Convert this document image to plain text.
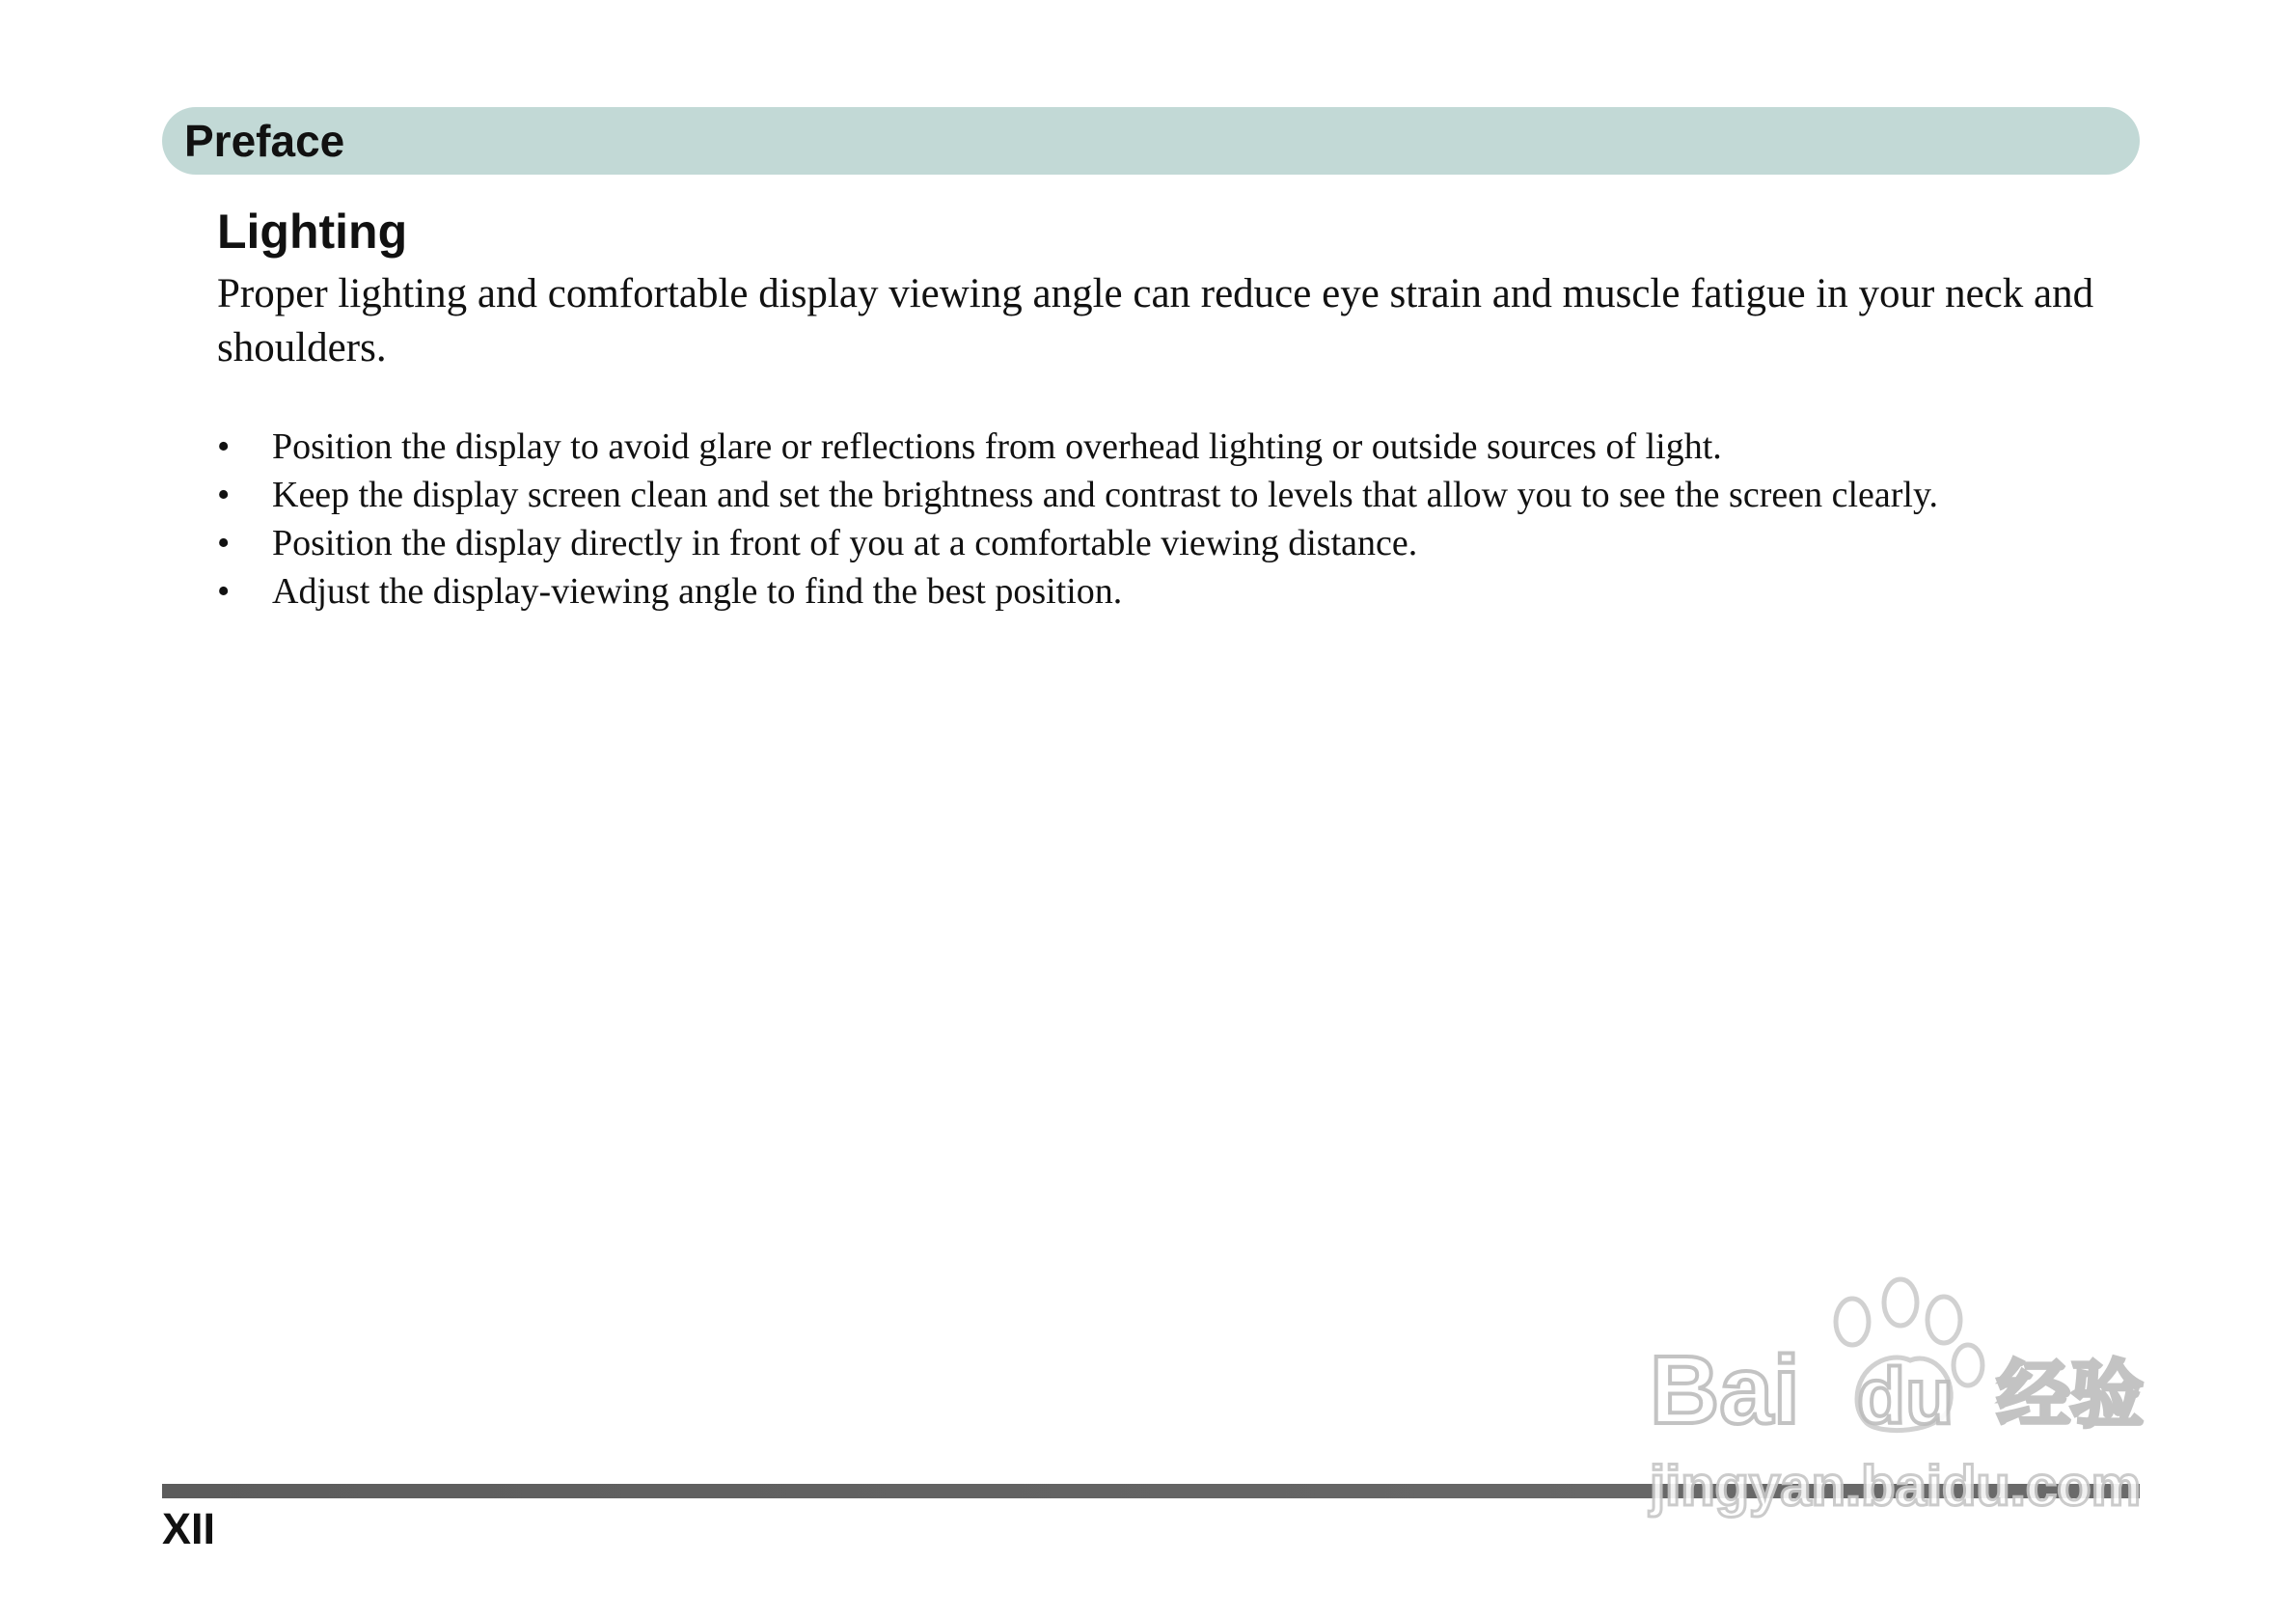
Preface
Lighting

Proper lighting and comfortable display viewing angle can reduce eye strain and muscle fatigue in your neck and shoulders.

• Position the display to avoid glare or reflections from overhead lighting or outside sources of light.
• Keep the display screen clean and set the brightness and contrast to levels that allow you to see the screen clearly.
• Position the display directly in front of you at a comfortable viewing distance.
• Adjust the display-viewing angle to find the best position.
XII
Bai du 经验
jingyan.baidu.com
